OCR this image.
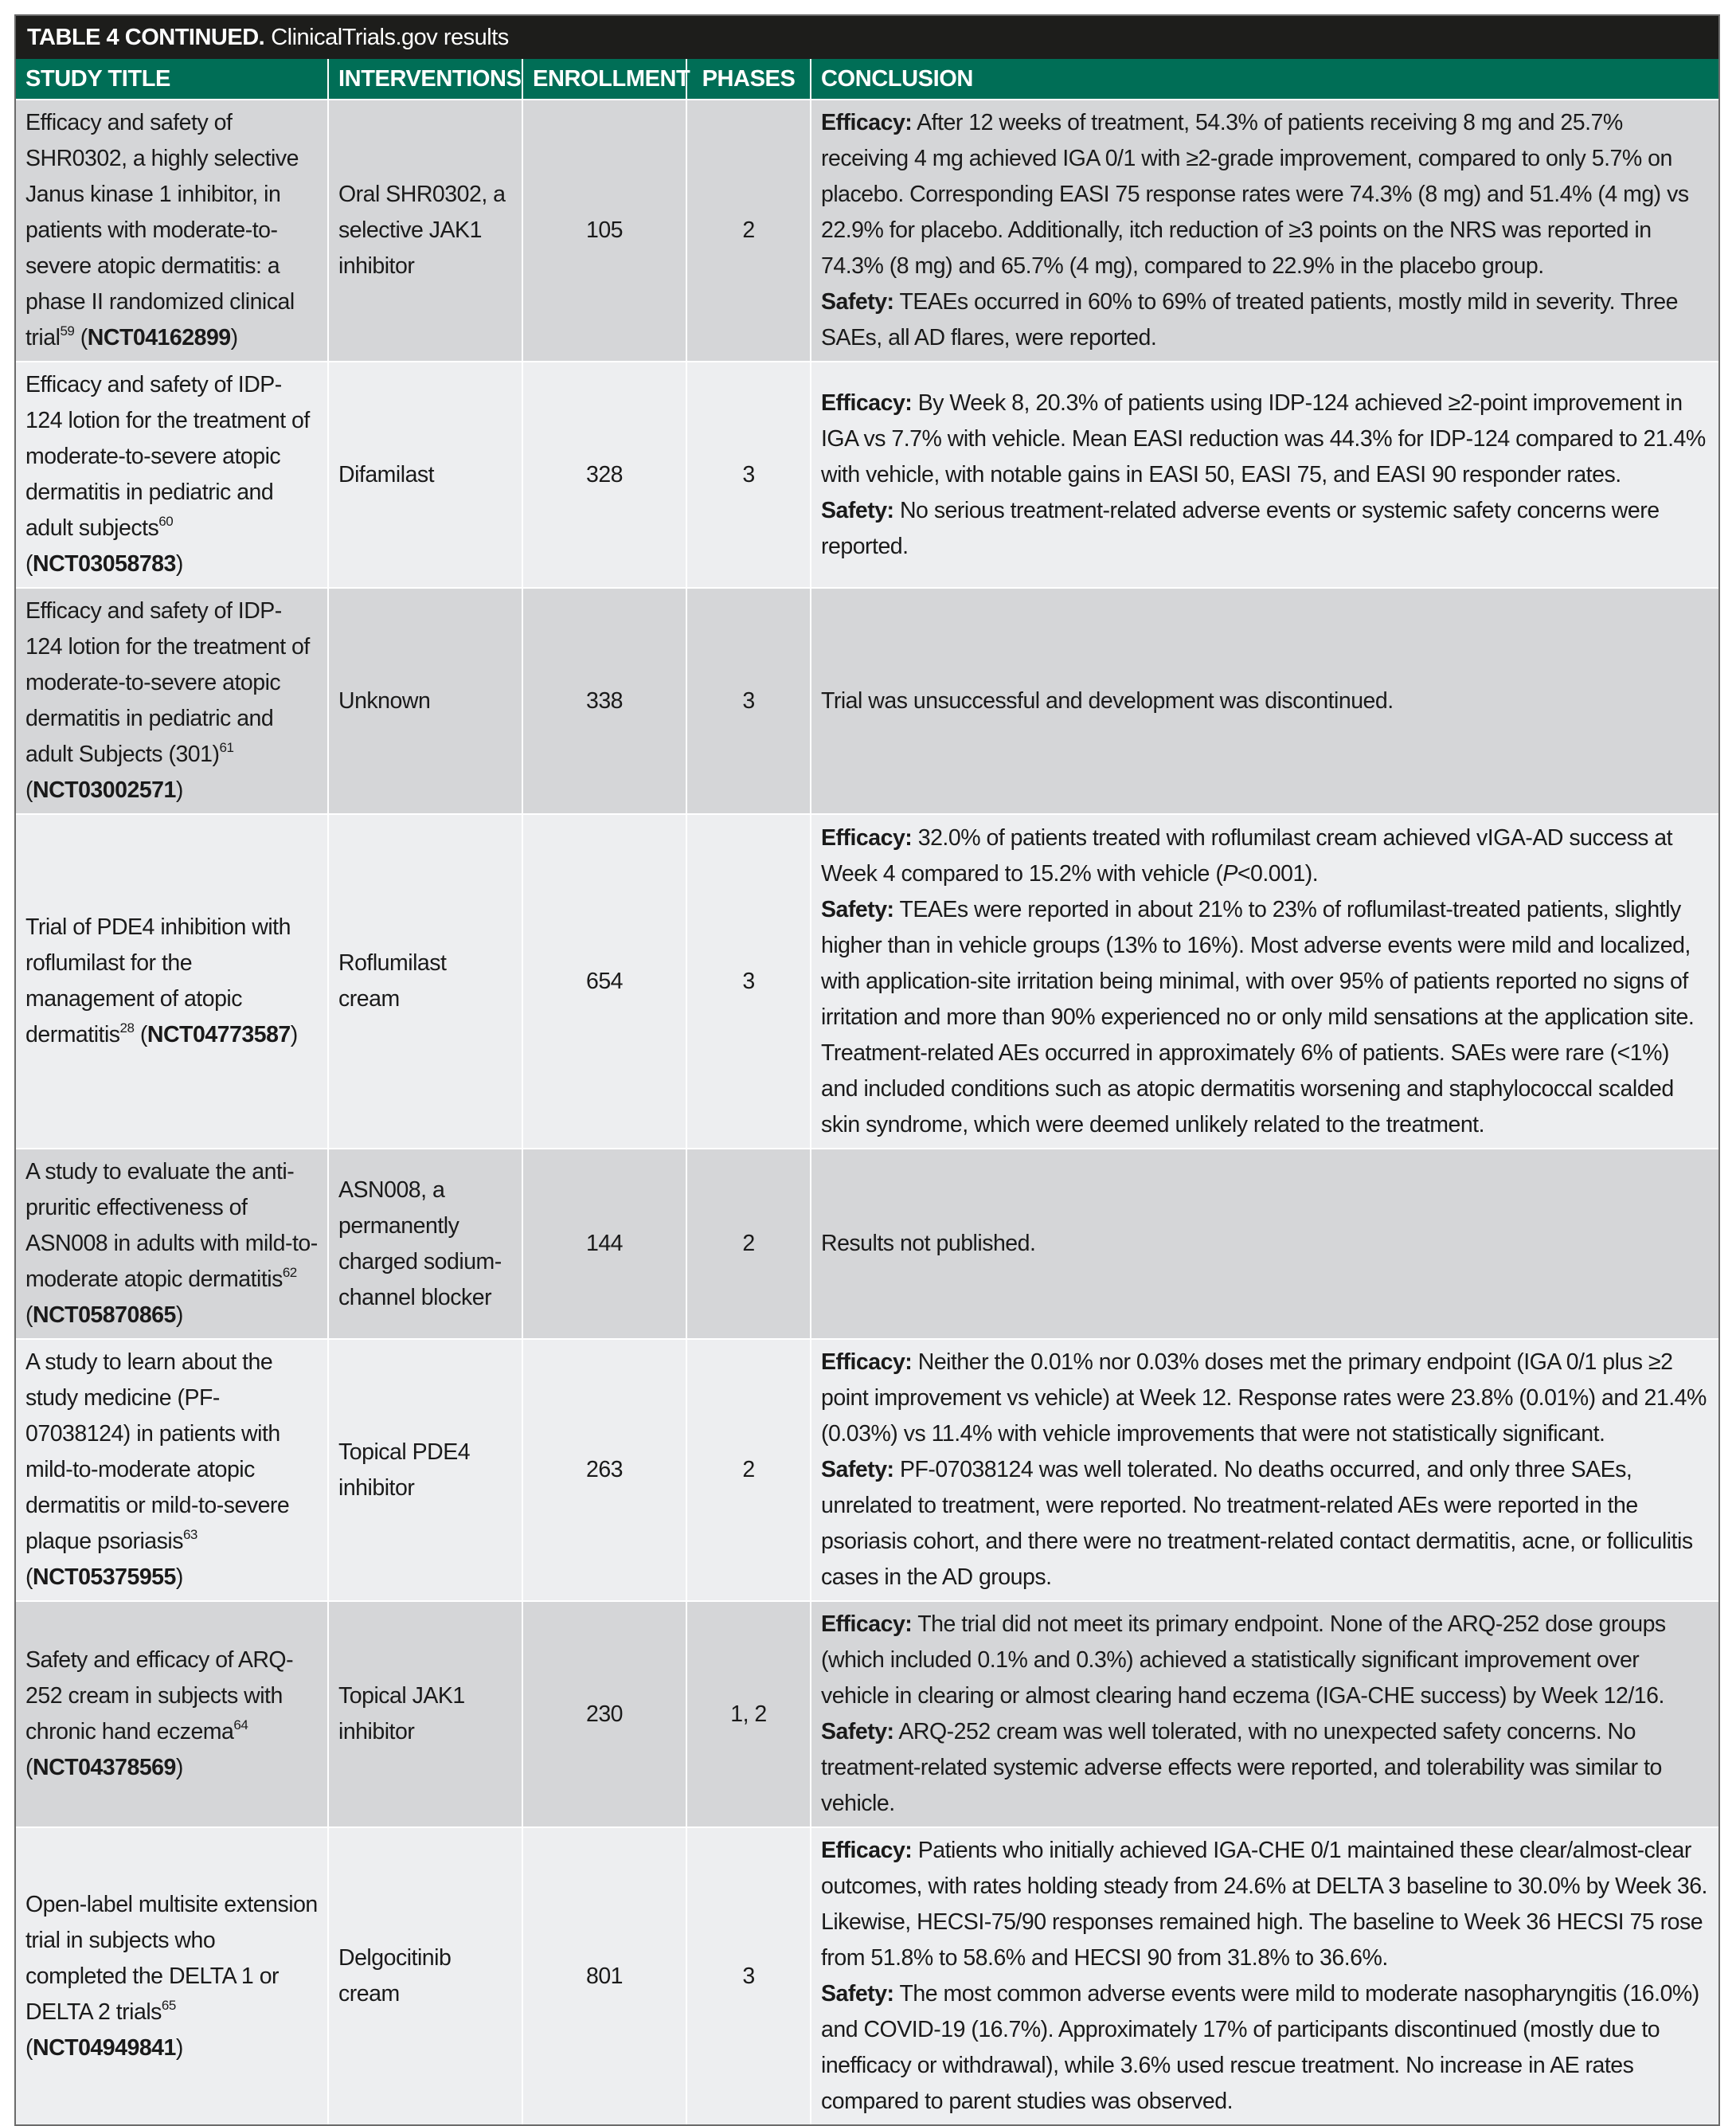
TABLE 4 CONTINUED. ClinicalTrials.gov results
STUDY TITLE	INTERVENTIONS	ENROLLMENT	PHASES	CONCLUSION
Efficacy and safety of SHR0302, a highly selective Janus kinase 1 inhibitor, in patients with moderate-to-severe atopic dermatitis: a phase II randomized clinical trial$^{59}$ (NCT04162899)	Oral SHR0302, a selective JAK1 inhibitor	105	2	Efficacy: After 12 weeks of treatment, 54.3% of patients receiving 8 mg and 25.7% receiving 4 mg achieved IGA 0/1 with ≥2-grade improvement, compared to only 5.7% on placebo. Corresponding EASI 75 response rates were 74.3% (8 mg) and 51.4% (4 mg) vs 22.9% for placebo. Additionally, itch reduction of ≥3 points on the NRS was reported in 74.3% (8 mg) and 65.7% (4 mg), compared to 22.9% in the placebo group.
Safety: TEAEs occurred in 60% to 69% of treated patients, mostly mild in severity. Three SAEs, all AD flares, were reported.
Efficacy and safety of IDP-124 lotion for the treatment of moderate-to-severe atopic dermatitis in pediatric and adult subjects$^{60}$ (NCT03058783)	Difamilast	328	3	Efficacy: By Week 8, 20.3% of patients using IDP-124 achieved ≥2-point improvement in IGA vs 7.7% with vehicle. Mean EASI reduction was 44.3% for IDP-124 compared to 21.4% with vehicle, with notable gains in EASI 50, EASI 75, and EASI 90 responder rates.
Safety: No serious treatment-related adverse events or systemic safety concerns were reported.
Efficacy and safety of IDP-124 lotion for the treatment of moderate-to-severe atopic dermatitis in pediatric and adult Subjects $(301)^{61}$ (NCT03002571)	Unknown	338	3	Trial was unsuccessful and development was discontinued.
Trial of PDE4 inhibition with roflumilast for the management of atopic dermatitis$^{28}$ (NCT04773587)	Roflumilast cream	654	3	Efficacy: 32.0% of patients treated with roflumilast cream achieved vIGA-AD success at Week 4 compared to 15.2% with vehicle (P<0.001).
Safety: TEAEs were reported in about 21% to 23% of roflumilast-treated patients, slightly higher than in vehicle groups (13% to 16%). Most adverse events were mild and localized, with application-site irritation being minimal, with over 95% of patients reported no signs of irritation and more than 90% experienced no or only mild sensations at the application site. Treatment-related AEs occurred in approximately 6% of patients. SAEs were rare (<1%) and included conditions such as atopic dermatitis worsening and staphylococcal scalded skin syndrome, which were deemed unlikely related to the treatment.
A study to evaluate the anti-pruritic effectiveness of ASN008 in adults with mild-to-moderate atopic dermatitis$^{62}$ (NCT05870865)	ASN008, a permanently charged sodium-channel blocker	144	2	Results not published.
A study to learn about the study medicine (PF-07038124) in patients with mild-to-moderate atopic dermatitis or mild-to-severe plaque psoriasis$^{63}$ (NCT05375955)	Topical PDE4 inhibitor	263	2	Efficacy: Neither the 0.01% nor 0.03% doses met the primary endpoint (IGA 0/1 plus ≥2 point improvement vs vehicle) at Week 12. Response rates were 23.8% (0.01%) and 21.4% (0.03%) vs 11.4% with vehicle improvements that were not statistically significant.
Safety: PF-07038124 was well tolerated. No deaths occurred, and only three SAEs, unrelated to treatment, were reported. No treatment-related AEs were reported in the psoriasis cohort, and there were no treatment-related contact dermatitis, acne, or folliculitis cases in the AD groups.
Safety and efficacy of ARQ-252 cream in subjects with chronic hand eczema$^{64}$ (NCT04378569)	Topical JAK1 inhibitor	230	1, 2	Efficacy: The trial did not meet its primary endpoint. None of the ARQ-252 dose groups (which included 0.1% and 0.3%) achieved a statistically significant improvement over vehicle in clearing or almost clearing hand eczema (IGA-CHE success) by Week 12/16.
Safety: ARQ-252 cream was well tolerated, with no unexpected safety concerns. No treatment-related systemic adverse effects were reported, and tolerability was similar to vehicle.
Open-label multisite extension trial in subjects who completed the DELTA 1 or DELTA 2 trials$^{65}$ (NCT04949841)	Delgocitinib cream	801	3	Efficacy: Patients who initially achieved IGA-CHE 0/1 maintained these clear/almost-clear outcomes, with rates holding steady from 24.6% at DELTA 3 baseline to 30.0% by Week 36. Likewise, HECSI-75/90 responses remained high. The baseline to Week 36 HECSI 75 rose from 51.8% to 58.6% and HECSI 90 from 31.8% to 36.6%.
Safety: The most common adverse events were mild to moderate nasopharyngitis (16.0%) and COVID-19 (16.7%). Approximately 17% of participants discontinued (mostly due to inefficacy or withdrawal), while 3.6% used rescue treatment. No increase in AE rates compared to parent studies was observed.
